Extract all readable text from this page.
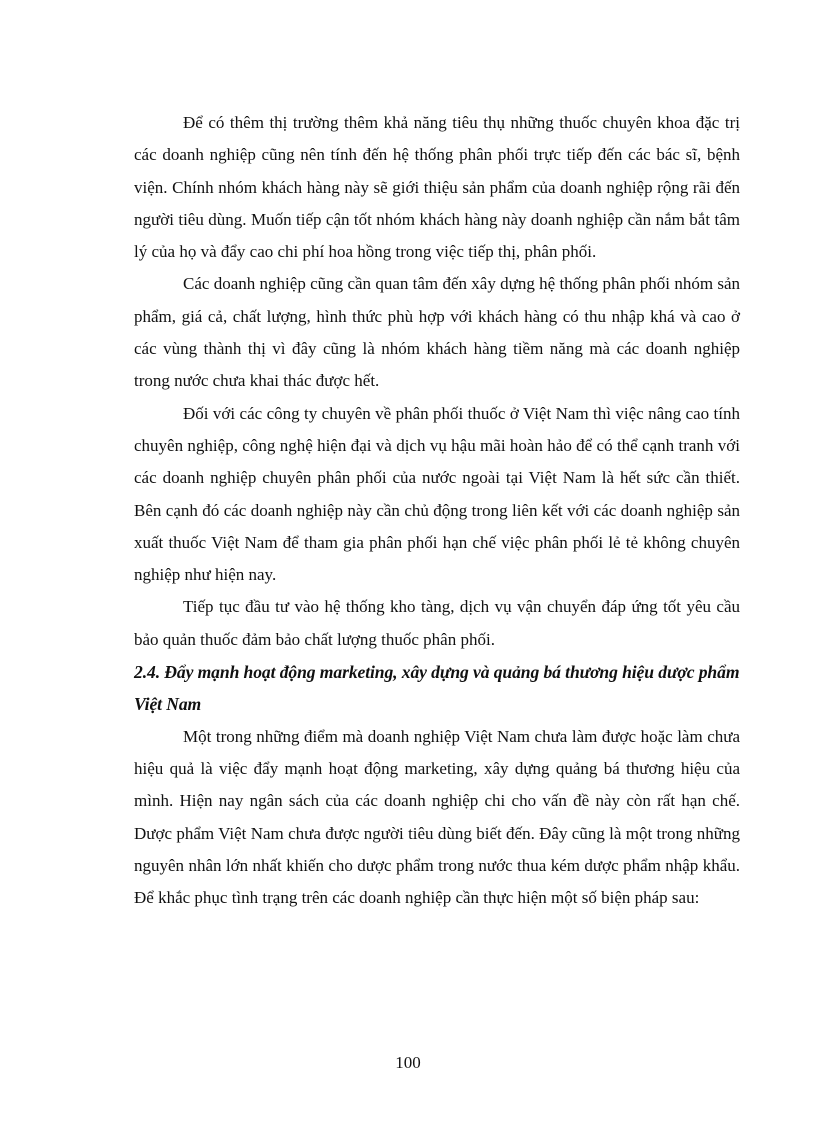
Để có thêm thị trường thêm khả năng tiêu thụ những thuốc chuyên khoa đặc trị các doanh nghiệp cũng nên tính đến hệ thống phân phối trực tiếp đến các bác sĩ, bệnh viện. Chính nhóm khách hàng này sẽ giới thiệu sản phẩm của doanh nghiệp rộng rãi đến người tiêu dùng. Muốn tiếp cận tốt nhóm khách hàng này doanh nghiệp cần nắm bắt tâm lý của họ và đẩy cao chi phí hoa hồng trong việc tiếp thị, phân phối.

Các doanh nghiệp cũng cần quan tâm đến xây dựng hệ thống phân phối nhóm sản phẩm, giá cả, chất lượng, hình thức phù hợp với khách hàng có thu nhập khá và cao ở các vùng thành thị vì đây cũng là nhóm khách hàng tiềm năng mà các doanh nghiệp trong nước chưa khai thác được hết.

Đối với các công ty chuyên về phân phối thuốc ở Việt Nam thì việc nâng cao tính chuyên nghiệp, công nghệ hiện đại và dịch vụ hậu mãi hoàn hảo để có thể cạnh tranh với các doanh nghiệp chuyên phân phối của nước ngoài tại Việt Nam là hết sức cần thiết. Bên cạnh đó các doanh nghiệp này cần chủ động trong liên kết với các doanh nghiệp sản xuất thuốc Việt Nam để tham gia phân phối hạn chế việc phân phối lẻ tẻ không chuyên nghiệp như hiện nay.

Tiếp tục đầu tư vào hệ thống kho tàng, dịch vụ vận chuyển đáp ứng tốt yêu cầu bảo quản thuốc đảm bảo chất lượng thuốc phân phối.

2.4. Đẩy mạnh hoạt động marketing, xây dựng và quảng bá thương hiệu dược phẩm Việt Nam

Một trong những điểm mà doanh nghiệp Việt Nam chưa làm được hoặc làm chưa hiệu quả là việc đẩy mạnh hoạt động marketing, xây dựng quảng bá thương hiệu của mình. Hiện nay ngân sách của các doanh nghiệp chi cho vấn đề này còn rất hạn chế. Dược phẩm Việt Nam chưa được người tiêu dùng biết đến. Đây cũng là một trong những nguyên nhân lớn nhất khiến cho dược phẩm trong nước thua kém dược phẩm nhập khẩu. Để khắc phục tình trạng trên các doanh nghiệp cần thực hiện một số biện pháp sau:

100
